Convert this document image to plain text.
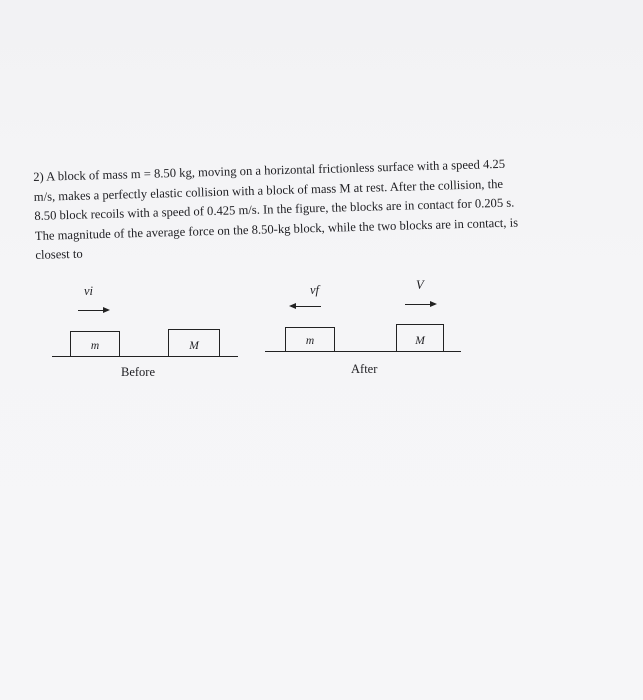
2) A block of mass m = 8.50 kg, moving on a horizontal frictionless surface with a speed 4.25
m/s, makes a perfectly elastic collision with a block of mass M at rest. After the collision, the
8.50 block recoils with a speed of 0.425 m/s. In the figure, the blocks are in contact for 0.205 s.
The magnitude of the average force on the 8.50-kg block, while the two blocks are in contact, is
closest to
vi
m	M
Before
vf	V
m	M
After
